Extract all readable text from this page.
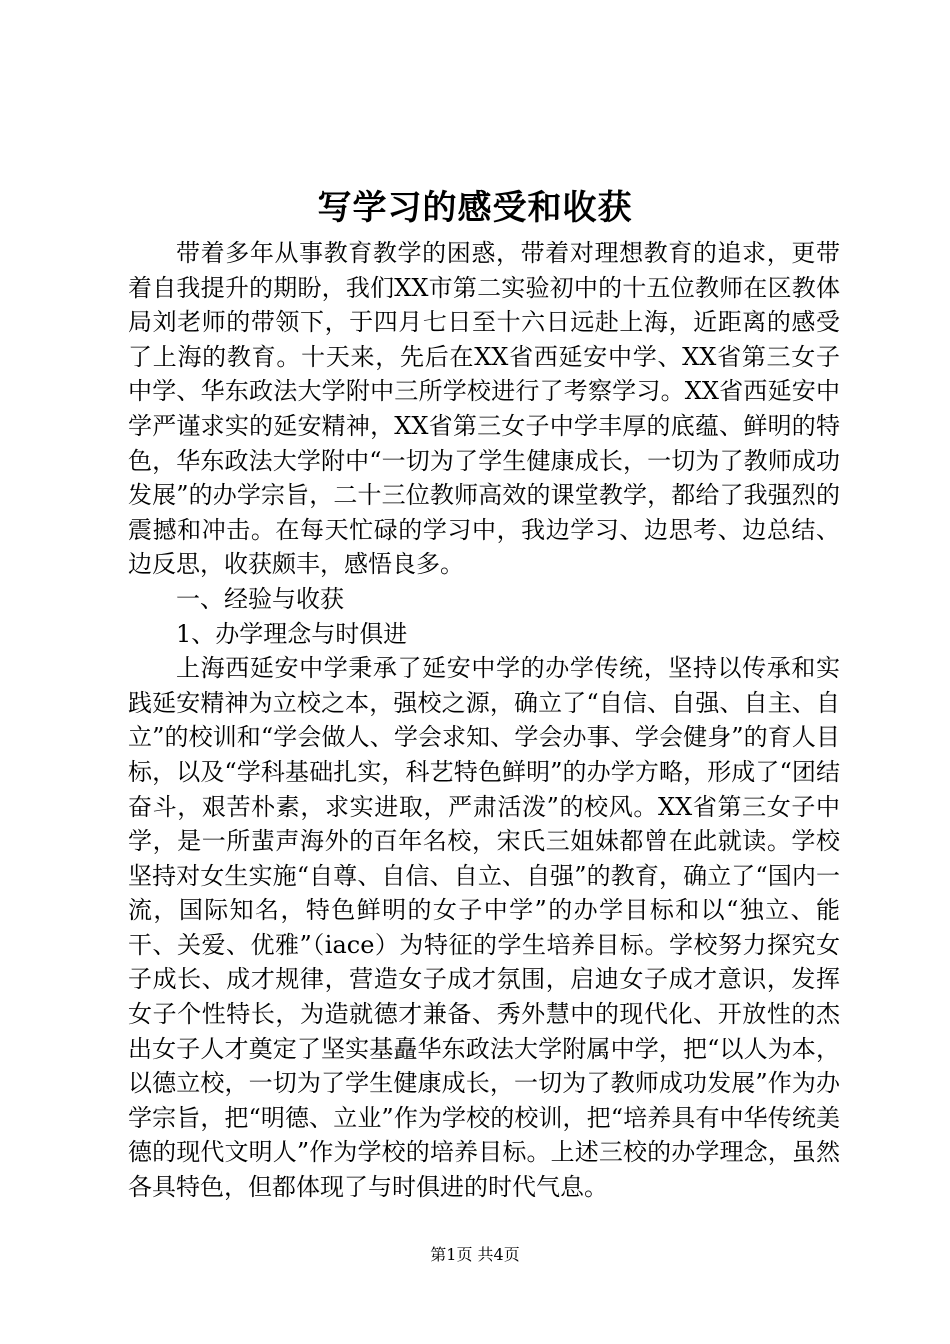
写学习的感受和收获

带着多年从事教育教学的困惑，带着对理想教育的追求，更带着自我提升的期盼，我们XX市第二实验初中的十五位教师在区教体局刘老师的带领下，于四月七日至十六日远赴上海，近距离的感受了上海的教育。十天来，先后在XX省西延安中学、XX省第三女子中学、华东政法大学附中三所学校进行了考察学习。XX省西延安中学严谨求实的延安精神，XX省第三女子中学丰厚的底蕴、鲜明的特色，华东政法大学附中“一切为了学生健康成长，一切为了教师成功发展”的办学宗旨，二十三位教师高效的课堂教学，都给了我强烈的震撼和冲击。在每天忙碌的学习中，我边学习、边思考、边总结、边反思，收获颇丰，感悟良多。

一、经验与收获

1、办学理念与时俱进

上海西延安中学秉承了延安中学的办学传统，坚持以传承和实践延安精神为立校之本，强校之源，确立了“自信、自强、自主、自立”的校训和“学会做人、学会求知、学会办事、学会健身”的育人目标，以及“学科基础扎实，科艺特色鲜明”的办学方略，形成了“团结奋斗，艰苦朴素，求实进取，严肃活泼”的校风。XX省第三女子中学，是一所蜚声海外的百年名校，宋氏三姐妹都曾在此就读。学校坚持对女生实施“自尊、自信、自立、自强”的教育，确立了“国内一流，国际知名，特色鲜明的女子中学”的办学目标和以“独立、能干、关爱、优雅”（iace）为特征的学生培养目标。学校努力探究女子成长、成才规律，营造女子成才氛围，启迪女子成才意识，发挥女子个性特长，为造就德才兼备、秀外慧中的现代化、开放性的杰出女子人才奠定了坚实基矗华东政法大学附属中学，把“以人为本，以德立校，一切为了学生健康成长，一切为了教师成功发展”作为办学宗旨，把“明德、立业”作为学校的校训，把“培养具有中华传统美德的现代文明人”作为学校的培养目标。上述三校的办学理念，虽然各具特色，但都体现了与时俱进的时代气息。

第1页 共4页
